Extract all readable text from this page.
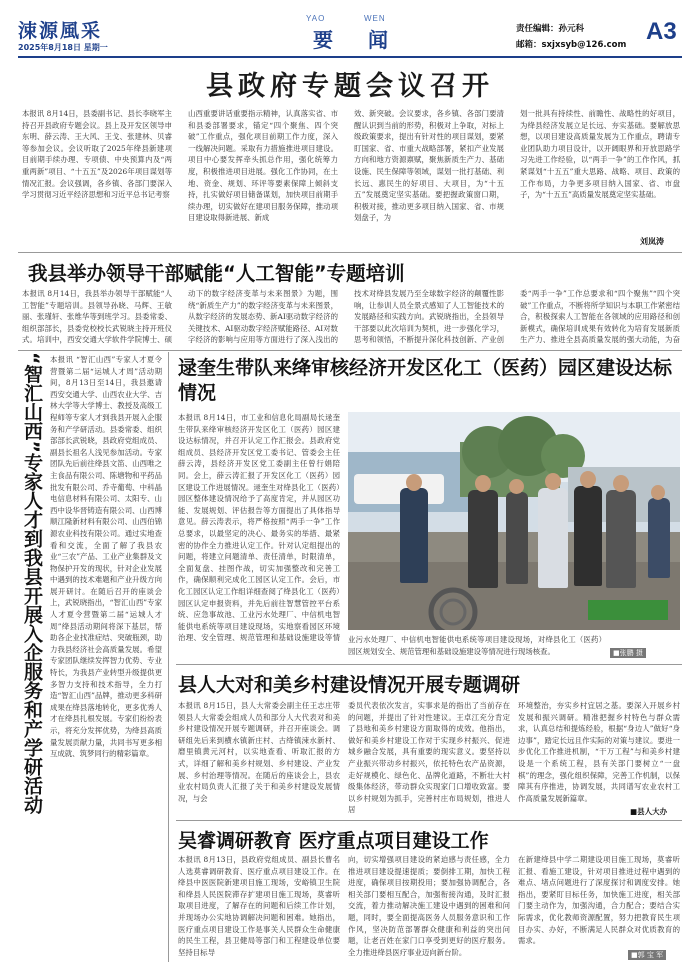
涑源風采
2025年8月18日 星期一
YAO	WEN
要 闻	责任编辑：孙元科
邮箱：sxjxsyb@126.com A3
县政府专题会议召开
本报讯 8月14日，县委副书记、县长李晓军主持召开县政府专题会议。县上及开发区领导申东明、薛云涛、王大风、王戈、张建林、贝睿等参加会议。会议听取了2025年绛县新建项目前期手续办理、专项债、中央预算内及“两重两新”项目、“十五五”及2026年项目谋划等情况汇报。会议强调，各乡镇、各部门要深入学习贯彻习近平经济思想和习近平总书记考察
山西重要讲话重要指示精神，认真落实省、市和县委部署要求，锚定“四个聚焦、四个突破”工作重点，强化项目前期工作力度，深入一线解决问题。采取有力措施推进项目建设。项目中心要发挥牵头抓总作用，强化统筹力度，积极推进项目进展。强化工作协同，在土地、资金、规划、环评等要素保障上倾斜支持，扎实做好项目储备谋划，加快项目前期手续办理，切实做好在建项目服务保障，推动项目建设取得新进展、新成
效、新突破。会议要求，各乡镇、各部门要清醒认识到当前的形势，积极对上争取，对标上级政策要求，提出有针对性的项目谋划，要紧盯国家、省、市重大战略部署，紧扣产业发展方向和地方资源禀赋，聚焦新质生产力、基础设施、民生保障等领域，谋划一批打基础、利长远、惠民生的好项目、大项目，为“十五五”发展奠定坚实基础。要把握政策窗口期，积极对接，推动更多项目纳入国家、省、市规划盘子，为
划一批具有持续性、前瞻性、战略性的好项目，为绛县经济发展立足长远、夯实基础。要解放思想，以项目建设高质量发展为工作重点，聘请专业团队助力项目设计，以开阔眼界和开放思路学习先进工作经验，以“两手一争”的工作作风，抓紧谋划“十五五”重大思路、战略、项目、政策的工作布局，力争更多项目纳入国家、省、市盘子，为“十五五”高质量发展奠定坚实基础。
刘岚涛
我县举办领导干部赋能“人工智能”专题培训
本报讯 8月14日，我县举办领导干部赋能“人工智能”专题培训。县领导孙晓、马辉、王敏丽、张瑾轩、张维华等到班学习。县委常委、组织部部长，县委党校校长武锐晓主持开班仪式。培训中，西安交通大学软件学院博士、硕
动下的数字经济变革与未来图景》为题，围绕“新质生产力”的数字经济变革与未来图景，从数字经济的发展态势、新AI驱动数字经济的关键技术、AI驱动数字经济赋能路径、AI对数字经济的影响与应用等方面进行了深入浅出的
技术对绛县发展乃至全球数字经济的颠覆性影响，让参训人员全景式感知了人工智能技术的发展路径和实践方向。武锐晓指出，全县领导干部要以此次培训为契机，进一步强化学习，思考和领悟，不断提升深化科技创新、产业创
委“两手一争”工作总要求和“四个聚焦”“四个突破”工作重点，不断将所学知识与本职工作紧密结合，积极探索人工智能在各领域的应用路径和创新模式，确保培训成果有效转化为培育发展新质生产力、推进全县高质量发展的强大动能，为奋
“智汇山西”专家人才到我县开展入企服务和产学研活动 本报讯 “智汇山西”专家人才夏令营暨第二届“运城人才周”活动期间，8月13日至14日，我县邀请西安交通大学、山西农业大学、吉林大学等大学博士、教授及高级工程师等专家人才到我县开展入企服务和产学研活动。县委常委、组织部部长武锐晓，县政府党组成员、副县长祖名人浅见参加活动。专家团队先后前往绛县文笛、山西唯之主食品有限公司、陈塘物和平药品批发有限公司、乔寺葡萄、中科晶电信息材料有限公司、太阳专、山西中设华晋铸造有限公司、山西博顺江隆新材料有限公司、山西伯锦源农业科技有限公司。通过实地查看和交流，全面了解了我县农业“三农”产品、工业产业集群及文物保护开发的现状，针对企业发展中遇到的技术难题和产业升级方向展开研讨。在随后召开的座谈会上，武锐晓指出，“智汇山西”专家人才夏令营暨第二届“运城人才周”绛县活动期间将深下基层，帮助各企业找准症结、突破瓶颈，助力我县经济社会高质量发展。希望专家团队继续发挥智力优势、专业特长，为我县产业转型升级提供更多智力支持和技术指导，全力打造“智汇山西”品牌，推动更多科研成果在绛县落地转化，更多优秀人才在绛县扎根发展。专家们纷纷表示，将充分发挥优势，为绛县高质量发展贡献力量，共同书写更多相互成就、筑梦同行的精彩篇章。
逯奎生带队来绛审核经济开发区化工（医药）园区建设达标情况
本报讯 8月14日，市工业和信息化局副局长逯奎生带队来绛审核经济开发区化工（医药）园区建设达标情况，并召开认定工作汇报会。县政府党组成员、县经济开发区党工委书记、管委会主任薛云涛，县经济开发区党工委副主任曾行娟陪同。会上，薛云涛汇报了开发区化工（医药）园区建设工作进展情况。逯奎生对绛县化工（医药）园区整体建设情况给予了高度肯定，并从园区功能、发展规划、评估报告等方面提出了具体指导意见。薛云涛表示，将严格按照“两手一争”工作总要求，以最坚定的决心、最务实的举措、最紧密的协作全力推进认定工作。针对认定组提出的问题，将建立问题清单、责任清单，时限清单，全面复盘、挂图作战，切实加强整改和完善工作，确保顺利完成化工园区认定工作。会后，市化工园区认定工作组详细查阅了绛县化工（医药）园区认定申报资料，并先后前往智慧管控平台系统、应急事故池、工业污水处理厂、中信机电智能供电系统等项目建设现场，实地察看园区环境治理、安全管理、规范管理和基础设施建设等情 业污水处理厂、中信机电智能供电系统等项目建设现场，对绛县化工（医药）园区规划安全、规范管理和基础设施建设等情况进行现场核查。	■张鹏 摄
县人大对和美乡村建设情况开展专题调研
本报讯 8月15日，县人大常委会副主任王志庄带领县人大常委会组成人员和部分人大代表对和美乡村建设情况开展专题调研，并召开座谈会。调研组先后来到横水镇新庄村、古绛镇涑水新村、磨里镇黄元河村，以实地查看、听取汇报的方式，详细了解和美乡村规划、乡村建设、产业发展、乡村治理等情况。在随后的座谈会上，县农业农村局负责人汇报了关于和美乡村建设发展情况，与会
委员代表依次发言，实事求是的指出了当前存在的问题，并提出了针对性建议。王卓江充分肯定了县地和美乡村建设方面取得的成效。他指出，做好和美乡村建设工作对于实现乡村振兴、促进城乡融合发展，具有重要的现实意义。要坚持以产业振兴带动乡村振兴，依托特色农产品资源，走好规模化、绿色化、品牌化道路，不断壮大村级集体经济，带动群众实现家门口增收致富。要以乡村规划为抓手，完善村庄布局规划，推进人居
环境整治，夯实乡村宜居之基。要深入开展乡村发展和振兴调研。精准把握乡村特色与群众需求，认真总结和提炼经验，根据“身边人”做好“身边事”，踏定长远且作实际的对策与建议。要进一步优化工作推进机制，“干万工程”与和美乡村建设是一个系统工程，县有关部门要树立“一盘棋”的理念，强化组织保障，完善工作机制，以保障其有序推进，协调发展，共同谱写农业农村工作高质量发展新篇章。
■县人大办
吴睿调研教育 医疗重点项目建设工作
本报讯 8月13日，县政府党组成员、副县长曹名人选莫睿调研教育、医疗重点项目建设工作。在绛县中医医院新建项目施工现场，安峪镇卫生院和绛县人民医院滞存扩建项目施工现场，莫睿听取项目进度，了解存在的问题和后续工作计划，并现场办公实地协调解决问题和困难。她指出，医疗重点项目建设工作是事关人民群众生命健康的民生工程，县卫健局等部门和工程建设单位要坚持目标导
向，切实增强项目建设的紧迫感与责任感，全力推进项目建设提速提质；要倒排工期，加快工程进度，确保项目按期投用；要加强协调配合，各相关部门要相互配合，加强衔接沟通，及时汇报交流，着力推动解决施工建设中遇到的困难和问题，同时，要全面提高医务人员服务意识和工作作风，坚决防范部署群众健康和利益的突出问题，让老百姓在家门口享受到更好的医疗服务。全力推进绛县医疗事业迈向新台阶。
在新建绛县中学二期建设项目施工现场，莫睿听汇报、看施工建设，针对项目推进过程中遇到的难点、堵点问题进行了深度探讨和调度安排。她指出，要紧盯目标任务，加快施工进度，相关部门要主动作为，加强沟通，合力配合；要结合实际需求，优化教师资源配置，努力把教育民生项目办实、办好，不断满足人民群众对优质教育的需求。
■郭 宝 军
